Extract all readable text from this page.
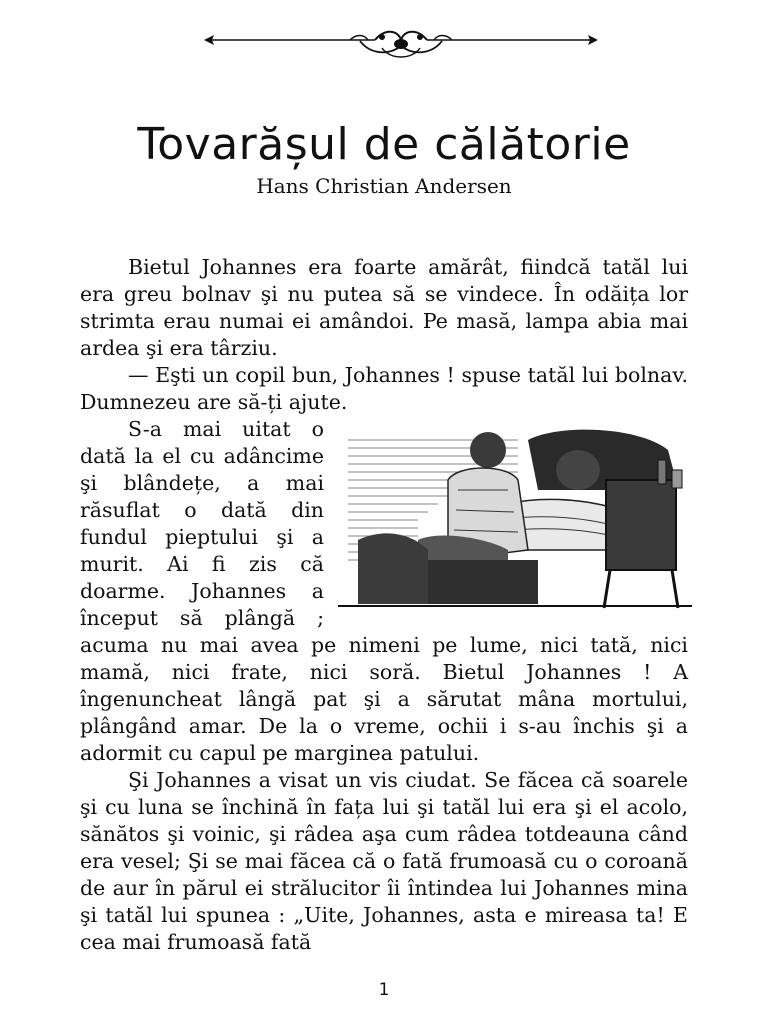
Tovarășul de călătorie
Hans Christian Andersen

Bietul Johannes era foarte amărât, fiindcă tatăl lui era greu bolnav şi nu putea să se vindece. În odăița lor strimta erau numai ei amândoi. Pe masă, lampa abia mai ardea şi era târziu.

— Eşti un copil bun, Johannes ! spuse tatăl lui bolnav. Dumnezeu are să-ți ajute.

S-a mai uitat o dată la el cu adâncime şi blândețe, a mai răsuflat o dată din fundul pieptului şi a murit. Ai fi zis că doarme. Johannes a început să plângă ; acuma nu mai avea pe nimeni pe lume, nici tată, nici mamă, nici frate, nici soră. Bietul Johannes ! A îngenuncheat lângă pat şi a sărutat mâna mortului, plângând amar. De la o vreme, ochii i s-au închis şi a adormit cu capul pe marginea patului.

Şi Johannes a visat un vis ciudat. Se făcea că soarele şi cu luna se închină în fața lui şi tatăl lui era şi el acolo, sănătos şi voinic, şi râdea aşa cum râdea totdeauna când era vesel; Şi se mai făcea că o fată frumoasă cu o coroană de aur în părul ei strălucitor îi întindea lui Johannes mina şi tatăl lui spunea : „Uite, Johannes, asta e mireasa ta! E cea mai frumoasă fată

1
